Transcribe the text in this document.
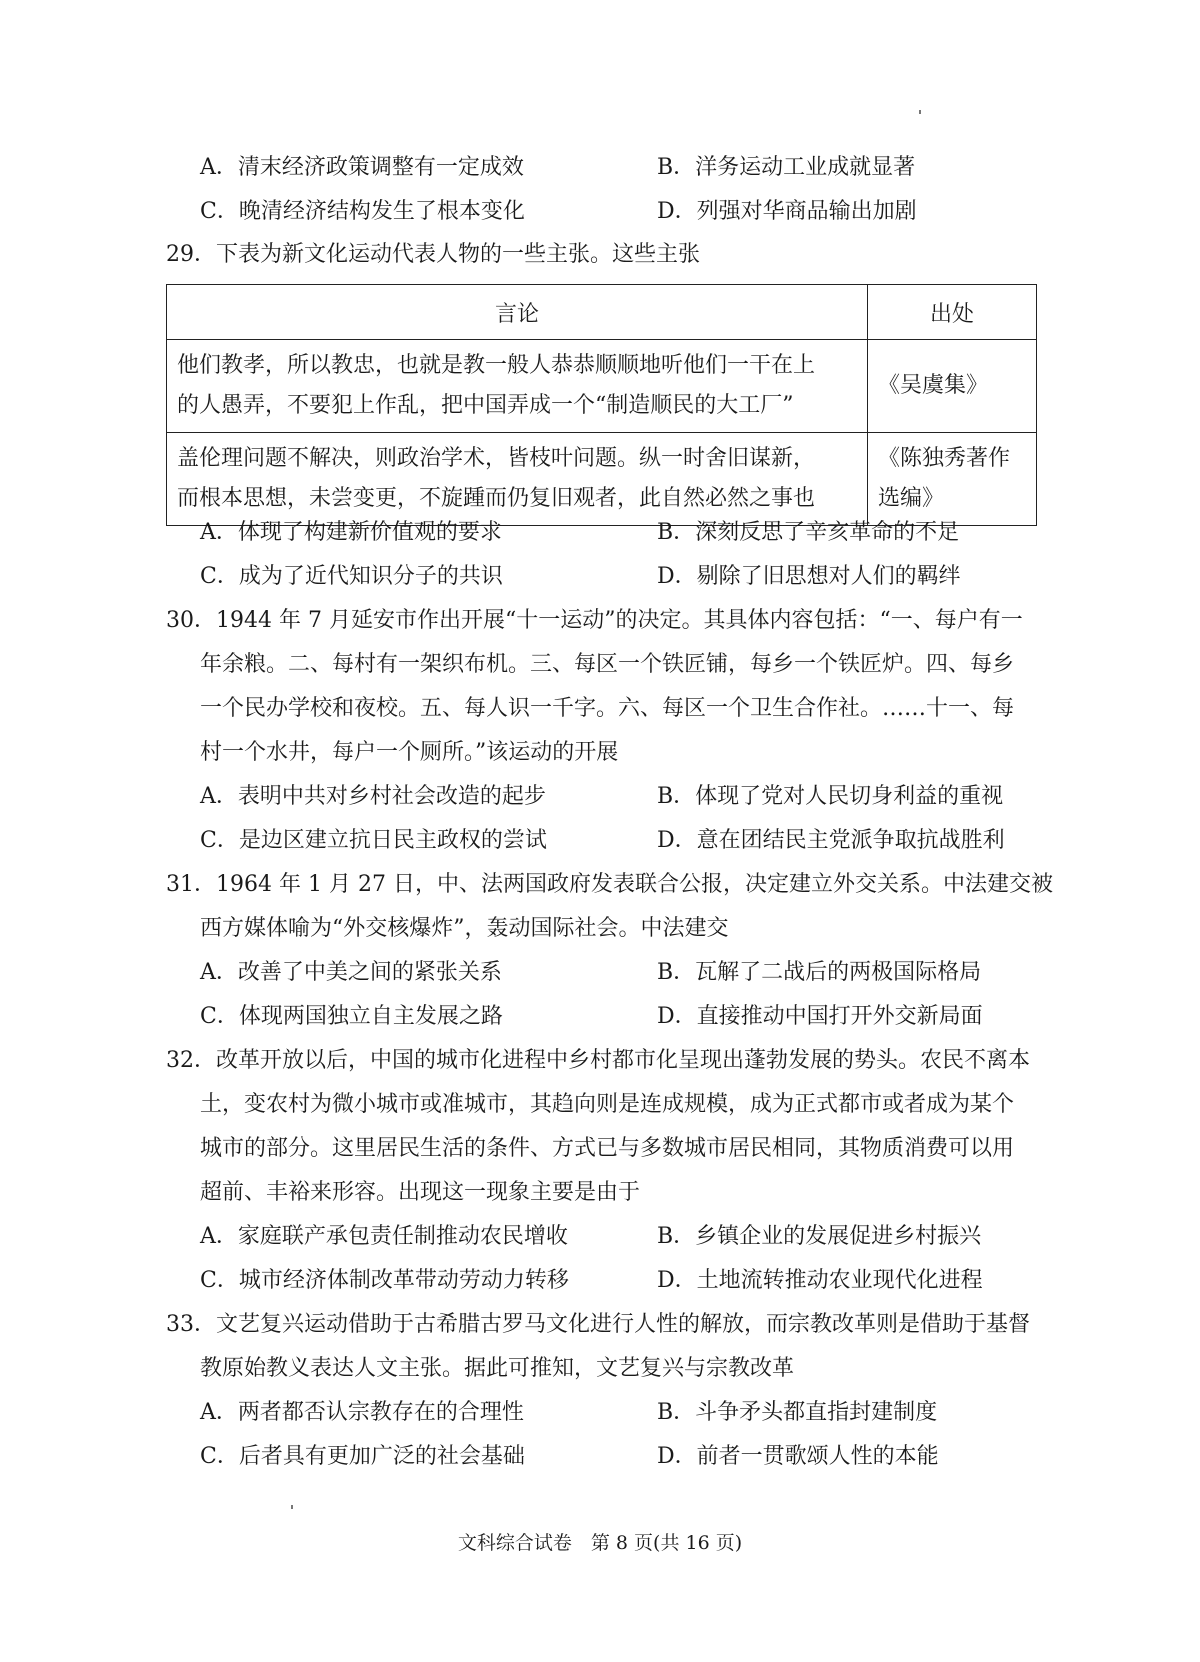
A．清末经济政策调整有一定成效	B．洋务运动工业成就显著
C．晚清经济结构发生了根本变化	D．列强对华商品输出加剧
29．下表为新文化运动代表人物的一些主张。这些主张
言论	出处

他们教孝，所以教忠，也就是教一般人恭恭顺顺地听他们一干在上
的人愚弄，不要犯上作乱，把中国弄成一个“制造顺民的大工厂”	《吴虞集》

盖伦理问题不解决，则政治学术，皆枝叶问题。纵一时舍旧谋新，
而根本思想，未尝变更，不旋踵而仍复旧观者，此自然必然之事也	《陈独秀著作选编》
A．体现了构建新价值观的要求	B．深刻反思了辛亥革命的不足
C．成为了近代知识分子的共识	D．剔除了旧思想对人们的羁绊
30．1944 年 7 月延安市作出开展“十一运动”的决定。其具体内容包括：“一、每户有一
年余粮。二、每村有一架织布机。三、每区一个铁匠铺，每乡一个铁匠炉。四、每乡
一个民办学校和夜校。五、每人识一千字。六、每区一个卫生合作社。……十一、每
村一个水井，每户一个厕所。”该运动的开展
A．表明中共对乡村社会改造的起步	B．体现了党对人民切身利益的重视
C．是边区建立抗日民主政权的尝试	D．意在团结民主党派争取抗战胜利
31．1964 年 1 月 27 日，中、法两国政府发表联合公报，决定建立外交关系。中法建交被
西方媒体喻为“外交核爆炸”，轰动国际社会。中法建交
A．改善了中美之间的紧张关系	B．瓦解了二战后的两极国际格局
C．体现两国独立自主发展之路	D．直接推动中国打开外交新局面
32．改革开放以后，中国的城市化进程中乡村都市化呈现出蓬勃发展的势头。农民不离本
土，变农村为微小城市或准城市，其趋向则是连成规模，成为正式都市或者成为某个
城市的部分。这里居民生活的条件、方式已与多数城市居民相同，其物质消费可以用
超前、丰裕来形容。出现这一现象主要是由于
A．家庭联产承包责任制推动农民增收	B．乡镇企业的发展促进乡村振兴
C．城市经济体制改革带动劳动力转移	D．土地流转推动农业现代化进程
33．文艺复兴运动借助于古希腊古罗马文化进行人性的解放，而宗教改革则是借助于基督
教原始教义表达人文主张。据此可推知，文艺复兴与宗教改革
A．两者都否认宗教存在的合理性	B．斗争矛头都直指封建制度
C．后者具有更加广泛的社会基础	D．前者一贯歌颂人性的本能
文科综合试卷　第 8 页(共 16 页)
